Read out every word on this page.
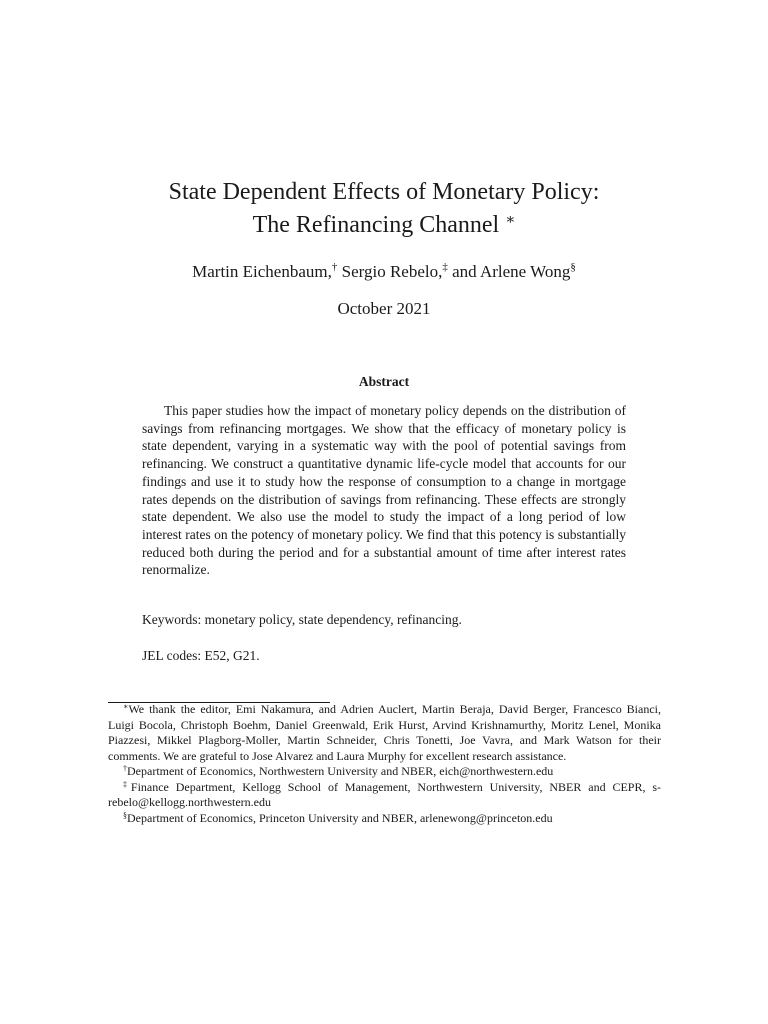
State Dependent Effects of Monetary Policy:
The Refinancing Channel ∗
Martin Eichenbaum,† Sergio Rebelo,‡ and Arlene Wong§
October 2021
Abstract
This paper studies how the impact of monetary policy depends on the distribution of savings from refinancing mortgages. We show that the efficacy of monetary policy is state dependent, varying in a systematic way with the pool of potential savings from refinancing. We construct a quantitative dynamic life-cycle model that accounts for our findings and use it to study how the response of consumption to a change in mortgage rates depends on the distribution of savings from refinancing. These effects are strongly state dependent. We also use the model to study the impact of a long period of low interest rates on the potency of monetary policy. We find that this potency is substantially reduced both during the period and for a substantial amount of time after interest rates renormalize.
Keywords: monetary policy, state dependency, refinancing.
JEL codes: E52, G21.

∗We thank the editor, Emi Nakamura, and Adrien Auclert, Martin Beraja, David Berger, Francesco Bianci, Luigi Bocola, Christoph Boehm, Daniel Greenwald, Erik Hurst, Arvind Krishnamurthy, Moritz Lenel, Monika Piazzesi, Mikkel Plagborg-Moller, Martin Schneider, Chris Tonetti, Joe Vavra, and Mark Watson for their comments. We are grateful to Jose Alvarez and Laura Murphy for excellent research assistance.

†Department of Economics, Northwestern University and NBER, eich@northwestern.edu

‡Finance Department, Kellogg School of Management, Northwestern University, NBER and CEPR, s-rebelo@kellogg.northwestern.edu

§Department of Economics, Princeton University and NBER, arlenewong@princeton.edu
